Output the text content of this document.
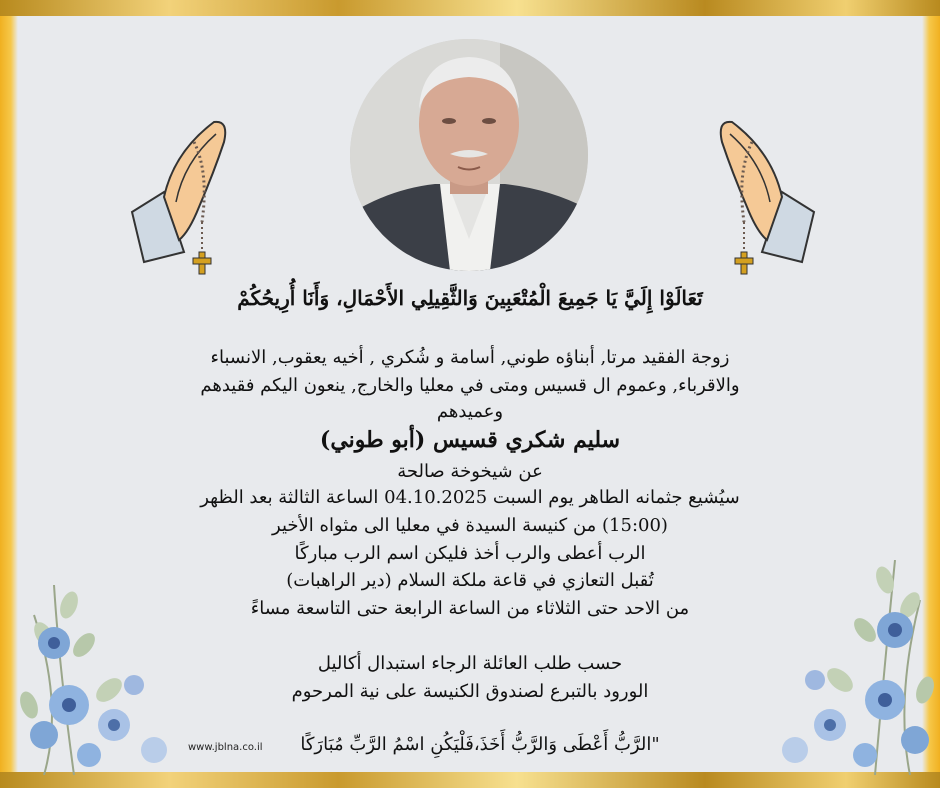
تَعَالَوْا إِلَيَّ يَا جَمِيعَ الْمُتْعَبِينَ وَالثَّقِيلِي الأَحْمَالِ، وَأَنَا أُرِيحُكُمْ
زوجة الفقيد مرتا, أبناؤه طوني, أسامة و شُكري , أخيه يعقوب, الانسباء
والاقرباء, وعموم ال قسيس ومتى في معليا والخارج, ينعون اليكم فقيدهم
وعميدهم
سليم شكري قسيس (أبو طوني)
عن شيخوخة صالحة
سيُشيع جثمانه الطاهر يوم السبت 04.10.2025 الساعة الثالثة بعد الظهر
(15:00) من كنيسة السيدة في معليا الى مثواه الأخير
الرب أعطى والرب أخذ فليكن اسم الرب مباركًا
تُقبل التعازي في قاعة ملكة السلام (دير الراهبات)
من الاحد حتى الثلاثاء من الساعة الرابعة حتى التاسعة مساءً
حسب طلب العائلة الرجاء استبدال أكاليل
الورود بالتبرع لصندوق الكنيسة على نية المرحوم
"الرَّبُّ أَعْطَى وَالرَّبُّ أَخَذَ،فَلْيَكُنِ اسْمُ الرَّبِّ مُبَارَكًا
www.jblna.co.il
